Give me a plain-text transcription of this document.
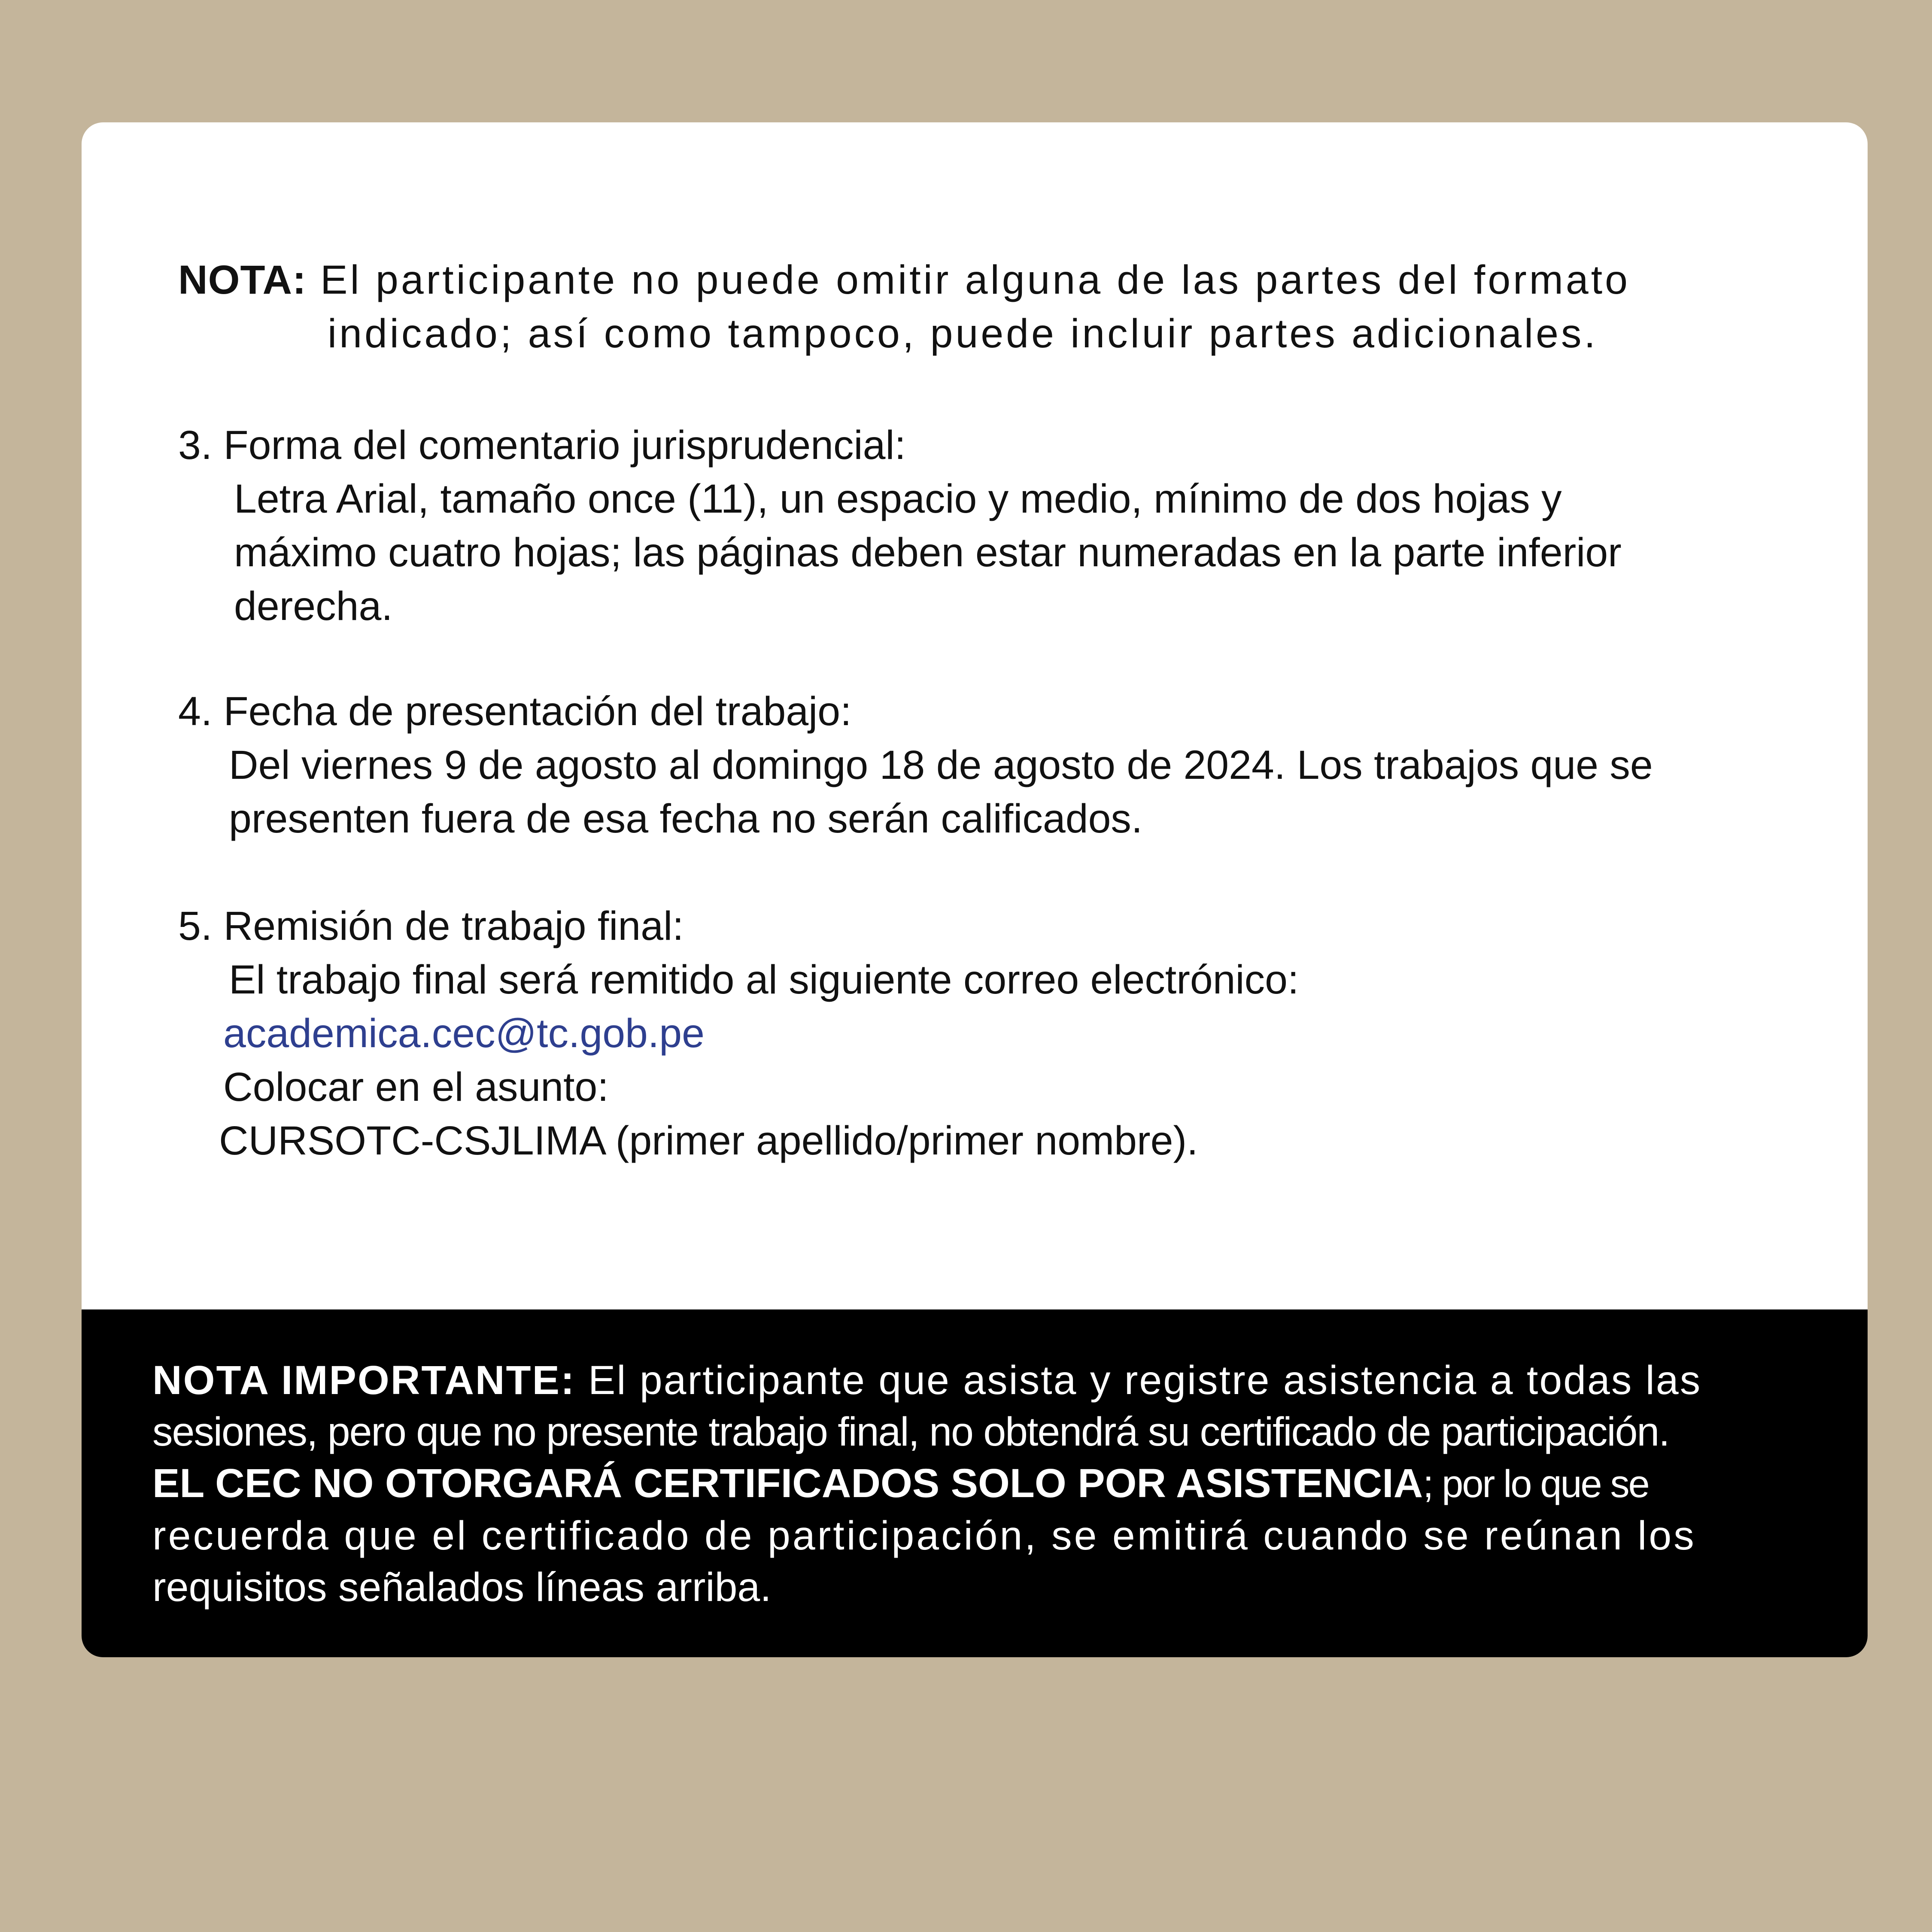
NOTA: El participante no puede omitir alguna de las partes del formato
indicado; así como tampoco, puede incluir partes adicionales.
3. Forma del comentario jurisprudencial:
Letra Arial, tamaño once (11), un espacio y medio, mínimo de dos hojas y
máximo cuatro hojas; las páginas deben estar numeradas en la parte inferior
derecha.
4. Fecha de presentación del trabajo:
Del viernes 9 de agosto al domingo 18 de agosto de 2024. Los trabajos que se
presenten fuera de esa fecha no serán calificados.
5. Remisión de trabajo final:
El trabajo final será remitido al siguiente correo electrónico:
academica.cec@tc.gob.pe
Colocar en el asunto:
CURSOTC-CSJLIMA (primer apellido/primer nombre).
NOTA IMPORTANTE: El participante que asista y registre asistencia a todas las
sesiones, pero que no presente trabajo final, no obtendrá su certificado de participación.
EL CEC NO OTORGARÁ CERTIFICADOS SOLO POR ASISTENCIA; por lo que se
recuerda que el certificado de participación, se emitirá cuando se reúnan los
requisitos señalados líneas arriba.
